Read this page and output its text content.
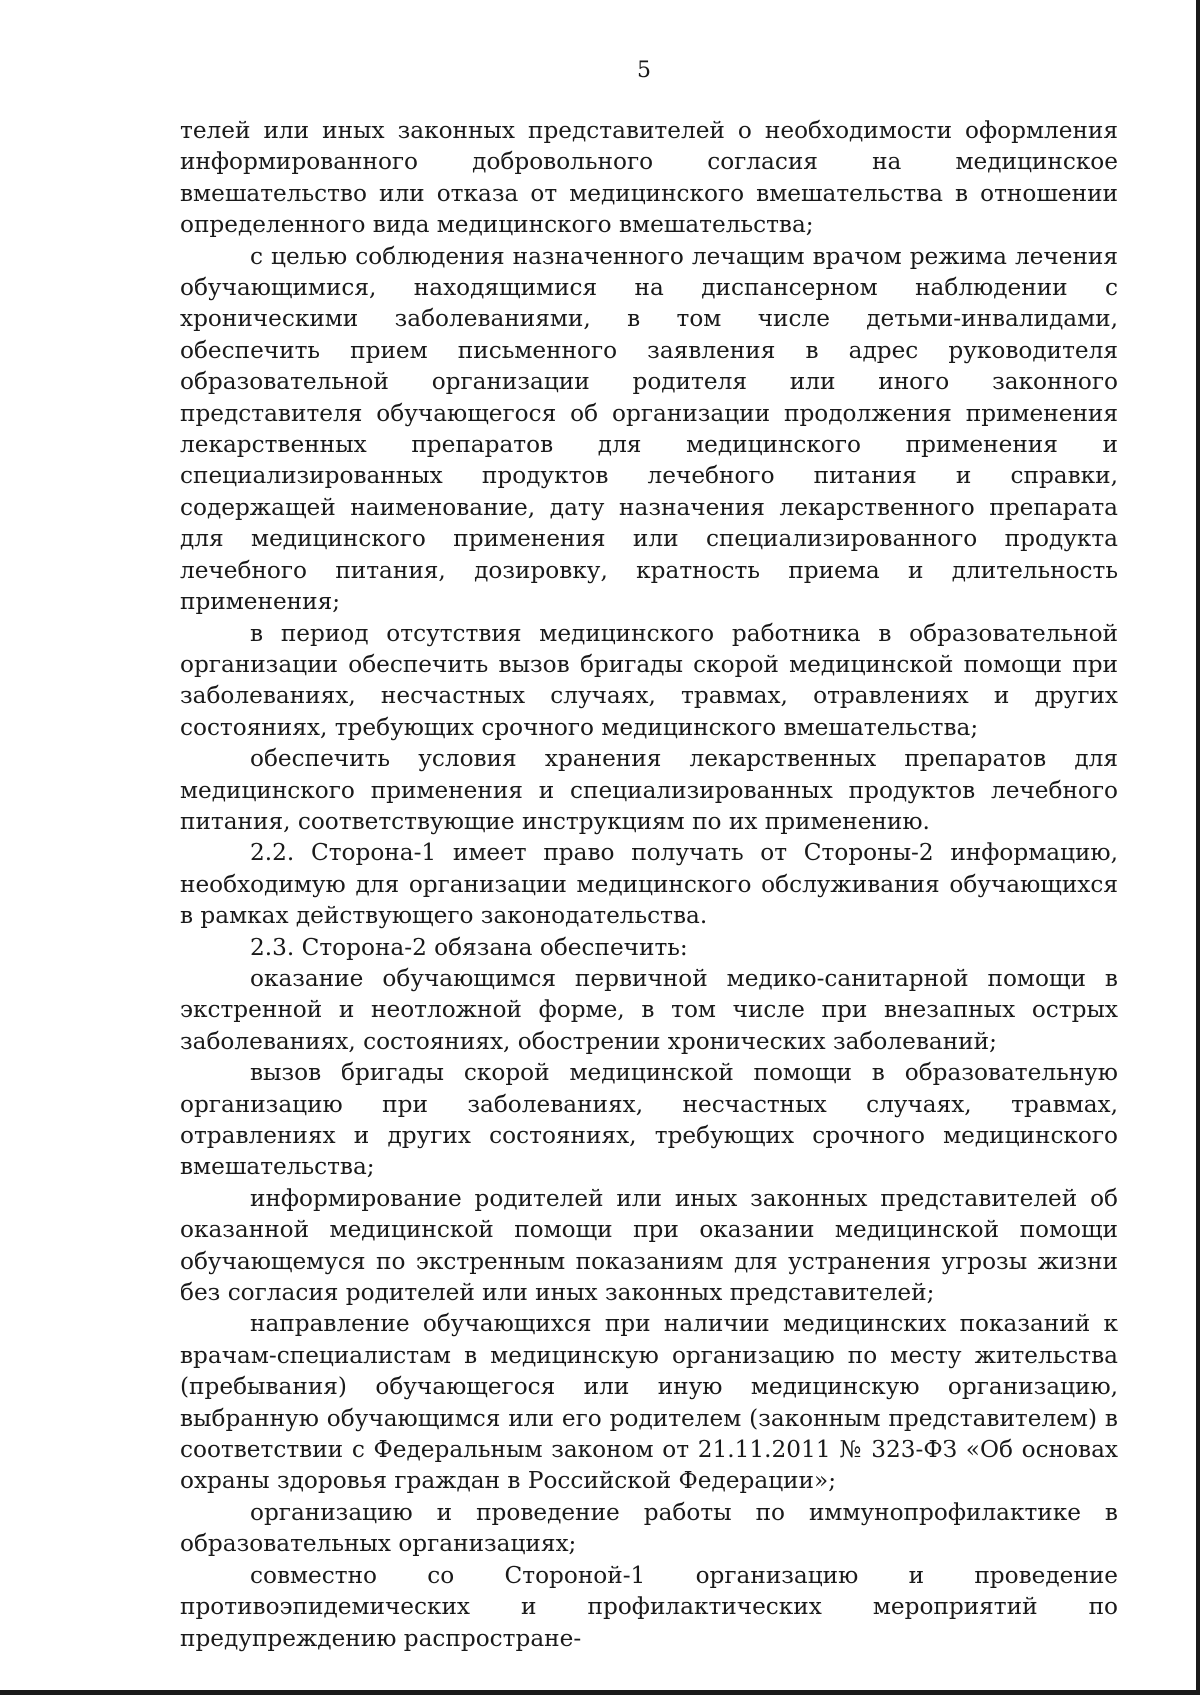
5

телей или иных законных представителей о необходимости оформления информированного добровольного согласия на медицинское вмешательство или отказа от медицинского вмешательства в отношении определенного вида медицинского вмешательства;

с целью соблюдения назначенного лечащим врачом режима лечения обучающимися, находящимися на диспансерном наблюдении с хроническими заболеваниями, в том числе детьми-инвалидами, обеспечить прием письменного заявления в адрес руководителя образовательной организации родителя или иного законного представителя обучающегося об организации продолжения применения лекарственных препаратов для медицинского применения и специализированных продуктов лечебного питания и справки, содержащей наименование, дату назначения лекарственного препарата для медицинского применения или специализированного продукта лечебного питания, дозировку, кратность приема и длительность применения;

в период отсутствия медицинского работника в образовательной организации обеспечить вызов бригады скорой медицинской помощи при заболеваниях, несчастных случаях, травмах, отравлениях и других состояниях, требующих срочного медицинского вмешательства;

обеспечить условия хранения лекарственных препаратов для медицинского применения и специализированных продуктов лечебного питания, соответствующие инструкциям по их применению.

2.2. Сторона-1 имеет право получать от Стороны-2 информацию, необходимую для организации медицинского обслуживания обучающихся в рамках действующего законодательства.

2.3. Сторона-2 обязана обеспечить:

оказание обучающимся первичной медико-санитарной помощи в экстренной и неотложной форме, в том числе при внезапных острых заболеваниях, состояниях, обострении хронических заболеваний;

вызов бригады скорой медицинской помощи в образовательную организацию при заболеваниях, несчастных случаях, травмах, отравлениях и других состояниях, требующих срочного медицинского вмешательства;

информирование родителей или иных законных представителей об оказанной медицинской помощи при оказании медицинской помощи обучающемуся по экстренным показаниям для устранения угрозы жизни без согласия родителей или иных законных представителей;

направление обучающихся при наличии медицинских показаний к врачам-специалистам в медицинскую организацию по месту жительства (пребывания) обучающегося или иную медицинскую организацию, выбранную обучающимся или его родителем (законным представителем) в соответствии с Федеральным законом от 21.11.2011 № 323-ФЗ «Об основах охраны здоровья граждан в Российской Федерации»;

организацию и проведение работы по иммунопрофилактике в образовательных организациях;

совместно со Стороной-1 организацию и проведение противоэпидемических и профилактических мероприятий по предупреждению распростране-
